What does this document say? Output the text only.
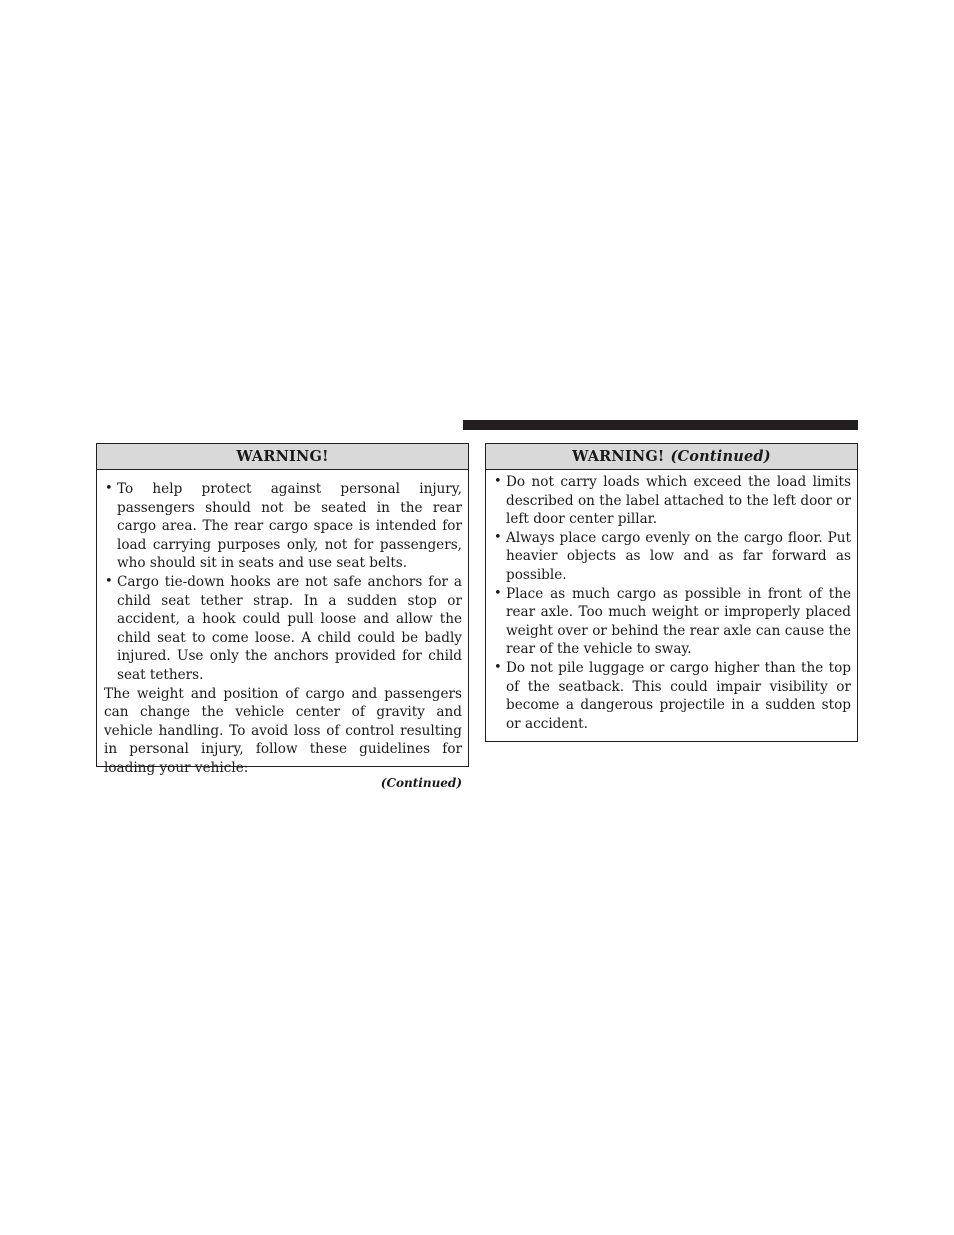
WARNING!
• To help protect against personal injury, passengers should not be seated in the rear cargo area. The rear cargo space is intended for load carrying purposes only, not for passengers, who should sit in seats and use seat belts.
• Cargo tie-down hooks are not safe anchors for a child seat tether strap. In a sudden stop or accident, a hook could pull loose and allow the child seat to come loose. A child could be badly injured. Use only the anchors provided for child seat tethers.

The weight and position of cargo and passengers can change the vehicle center of gravity and vehicle handling. To avoid loss of control resulting in personal injury, follow these guidelines for loading your vehicle:

(Continued)
WARNING! (Continued)
• Do not carry loads which exceed the load limits described on the label attached to the left door or left door center pillar.
• Always place cargo evenly on the cargo floor. Put heavier objects as low and as far forward as possible.
• Place as much cargo as possible in front of the rear axle. Too much weight or improperly placed weight over or behind the rear axle can cause the rear of the vehicle to sway.
• Do not pile luggage or cargo higher than the top of the seatback. This could impair visibility or become a dangerous projectile in a sudden stop or accident.
